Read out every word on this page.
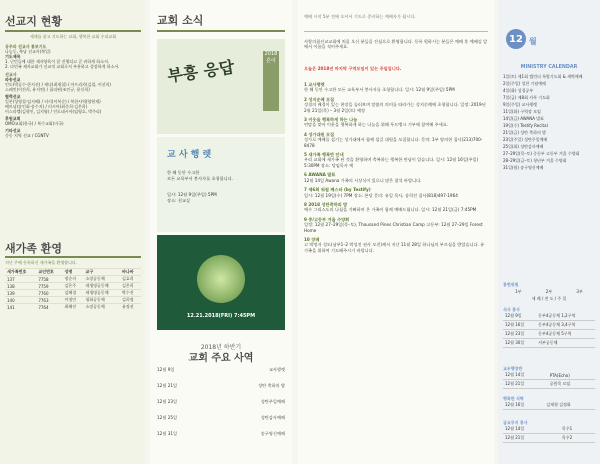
선교지 현황
세계를 품고 기도하는 교회, 행복한 교회 우리교회
공주의 선교사 통보기도
나눔둥, 북남 선교사(북일)
기도제목
1. 난민들에 대한 제자양육이 잘 진행되고 곧 귀하게 하소서.
2. 다민족 제자교회가 선교적 교회로서 부흥하고 성장하게 하소서.
선교사
파송선교
인도(박공수·한지선) / 케냐(최재철) / 아프리카(김철, 이선희)
스페인(이진희, 유지연) / 필리핀(조인규, 윤신희)
협력선교
일본(성영철·임지혜) / 터키(이복순) / 북한사역(양현재)
베트남(송인회·송수지) / 러시아(최준희·김은희)
이스라엘(김형인, 김지영) / 인도네시아(임영호, 박주리)
후원교회
OMO교회(한국) / 복수교회(미국)
기타선교
중동 지역 선교 / CGNTV
새가족 환영
지난 주에 등록하신 새가족을 환영합니다.
새가족번호	교인번호	성명	교구	바나바
137	7758	정순자	소망공동체	김효희
138	7759	김은주	새생명공동체	김은희
139	7760	김혜경	새생명공동체	박수진
140	7763	이정민	평화공동체	김희정
141	7764	최혜진	소망공동체	유정선
교회 소식
부흥 응답
2018 흔여
교 사 행 렛
한 해 동안 수고한
모든 교육부서 봉사자를 초청합니다.
일시: 12월 9일(주일) 5PM
장소: 친교실
12.21.2018(FRI) 7:45PM
2018년 하반기
교회 주요 사역
12월 9일	교사행렛
12월 21일	성탄 축하의 밤
12월 23일	성탄주일예배
12월 25일	성탄감사예배
12월 31일	송구영신예배
예배 시작 5분 전에 오셔서 기도로 준비하는 예배자가 됩시다.
사랑의침선교교회에 처음 오신 분들을 진심으로 환영합니다. 등록 원하시는 분들은 예배 후 예배실 앞에서 이름을 적어주세요.
오늘은 2018년 마지막 구역모임이 있는 주일입니다.
1 교사행렛
한 해 동안 수고한 모든 교육부서 봉사자를 초청합니다. 일시: 12월 9일(주일) 5PM
2 성지순례 모집
성경의 배경이 있는 현장을 둘러보며 말씀의 의미를 따라가는 성지순례에 초청합니다. 일정: 2019년 2월 21일(목) – 3월 2일(토) 예정
3 이웃을 행복하게 하는 나눔
연말을 맞아 이웃을 행복하게 하는 나눔을 위해 푸드뱅크 기부에 참여해 주세요.
4 성가대원 모집
성가로 예배를 섬기는 성가대에서 함께 섬길 대원을 모집합니다. 문의: 1부 양의현 집사(213)700-8478
5 새가족 행복반 안내
우리 교회에 새가족 된 것을 환영하며 축복하는 행복한 만남이 있습니다. 일시: 12월 16일(주일) 5:30PM 장소: 당임목사 댁
6 AWANA 발표
12월 14일 Awana 가족의 시상식이 있으니 많은 참석 바랍니다.
7 제6회 워쉽 페스타 (by Testify)
일시: 12월 19일(수) 7PM 장소: 본당 문의: 유일 목사, 송희진 집사(818)497-1964
8 2018 성탄축하의 밤
예수 그리스도의 나심을 기뻐하며 온 가족이 함께 예배드립니다. 일시: 12월 21일(금) 7:45PM
9 중/고등부 겨울 수양회
일정: 12월 27–29일(목–토), Thousand Pines Christian Camp 고등부: 12월 27–29일 Forest Home
10 장례
고 박정자 성도(남부1–2 박성진 권사 모친)께서 지난 11월 28일 하나님의 부르심을 받았습니다. 유가족을 위하여 기도해주시기 바랍니다.
12 월
MINISTRY CALENDAR
1일(토) 제1회 캘린더 특별기도회 & 새벽예배
2일(주일) 성찬 기념예배
4일(화) 성경공부
7일(금) 제8회 카톡 기도회
9일(주일) 교사행렛
11일(화) 구역장 모임
14일(금) AWANA 발표
19일(수) Testify Recital
21일(금) 성탄 축하의 밤
23일(주일) 성탄주일예배
25일(화) 성탄감사예배
27–29일(목–토) 중등부 고등부 겨울 수양회
28–29일(금–토) 청년부 겨울 수양회
31일(월) 송구영신예배
봉헌위원
1부	2부	3부
세 례 / 전 도 / 주 일
식사 봉사
12월 9일	동부4공동체 1,2구역
12월 16일	동부4공동체 3,4구역
12월 23일	동부4공동체 5구역
12월 30일	서부공동체
교우행장반
12월 14일	PTA(Echo)
12월 21일	공원콕 모임
행복한 식탁
12월 16일	김재형 김정화
금요무지 봉사
12월 14일	목우1
12월 21일	목우2
